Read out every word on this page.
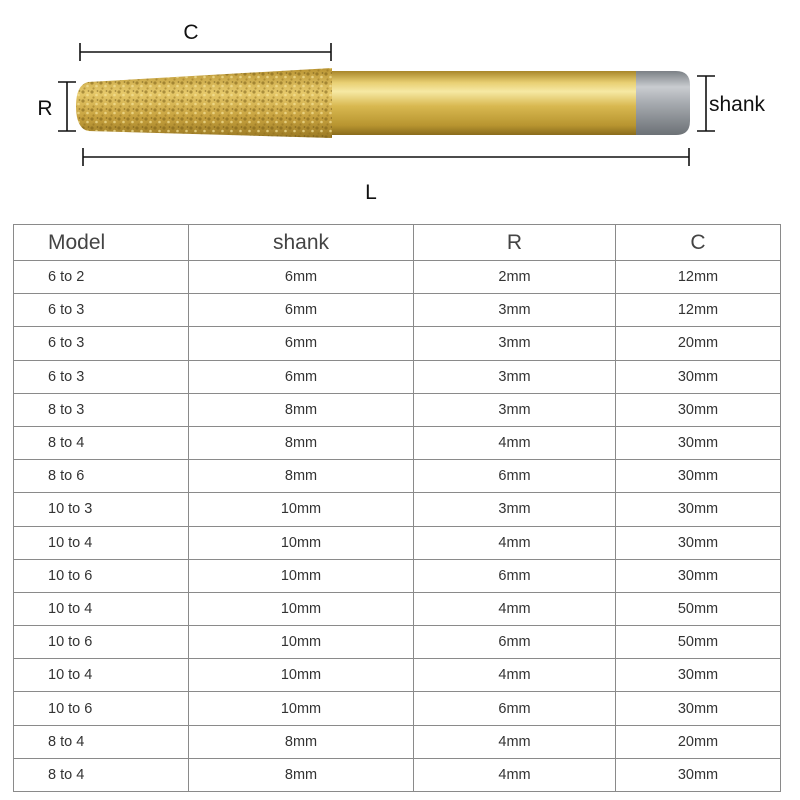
C
R	shank
L
Model	shank	R	C
6 to 2	6mm	2mm	12mm
6 to 3	6mm	3mm	12mm
6 to 3	6mm	3mm	20mm
6 to 3	6mm	3mm	30mm
8 to 3	8mm	3mm	30mm
8 to 4	8mm	4mm	30mm
8 to 6	8mm	6mm	30mm
10 to 3	10mm	3mm	30mm
10 to 4	10mm	4mm	30mm
10 to 6	10mm	6mm	30mm
10 to 4	10mm	4mm	50mm
10 to 6	10mm	6mm	50mm
10 to 4	10mm	4mm	30mm
10 to 6	10mm	6mm	30mm
8 to 4	8mm	4mm	20mm
8 to 4	8mm	4mm	30mm
